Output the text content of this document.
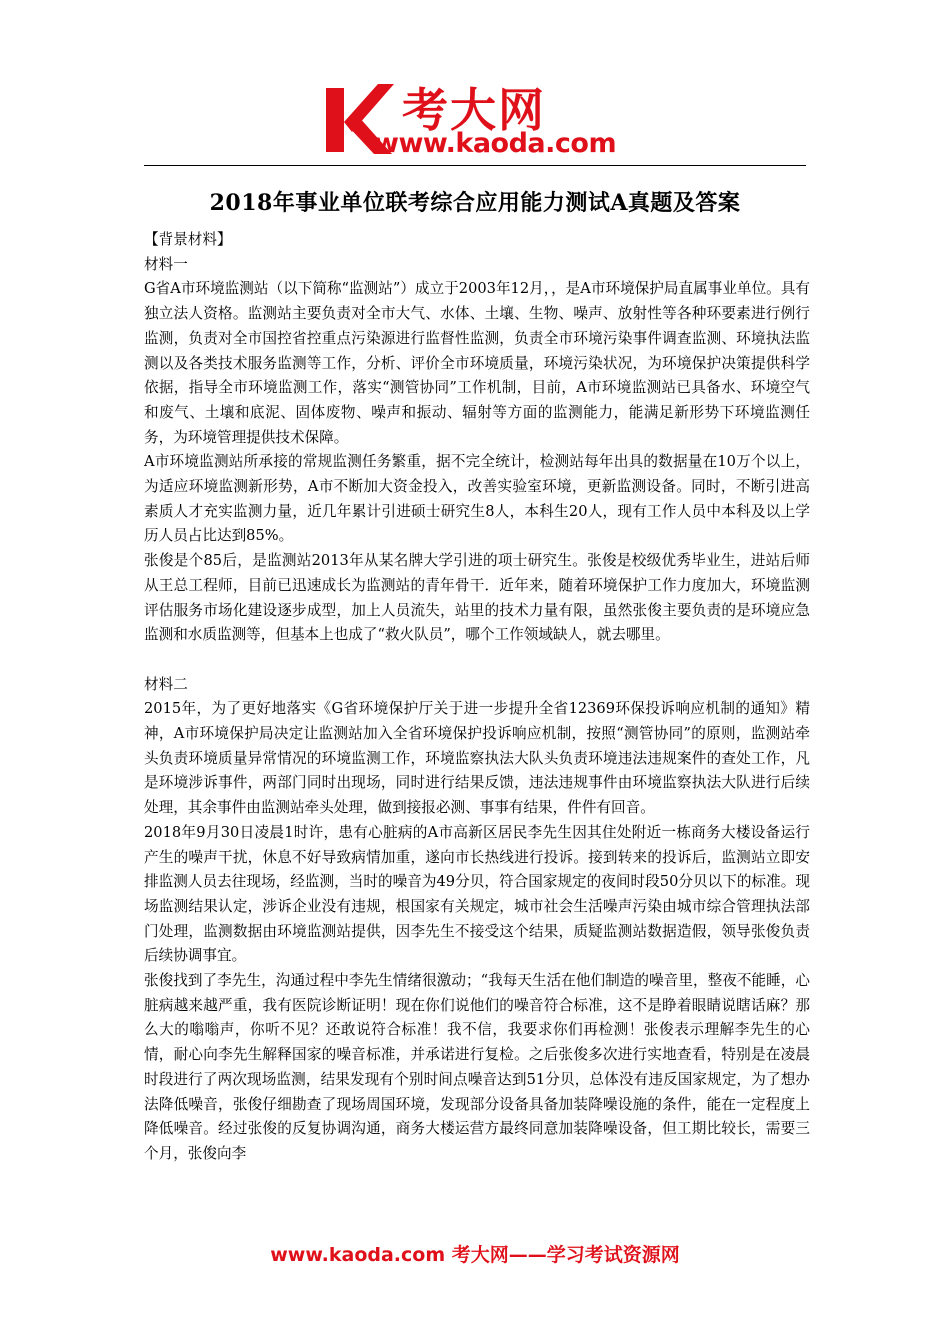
考大网
www.kaoda.com
2018年事业单位联考综合应用能力测试A真题及答案

【背景材料】

材料一

G省A市环境监测站（以下简称“监测站”）成立于2003年12月，，是A市环境保护局直属事业单位。具有独立法人资格。监测站主要负责对全市大气、水体、土壤、生物、噪声、放射性等各种环要素进行例行监测，负责对全市国控省控重点污染源进行监督性监测，负责全市环境污染事件调查监测、环境执法监测以及各类技术服务监测等工作，分析、评价全市环境质量，环境污染状况，为环境保护决策提供科学依据，指导全市环境监测工作，落实“测管协同”工作机制，目前，A市环境监测站已具备水、环境空气和废气、土壤和底泥、固体废物、噪声和振动、辐射等方面的监测能力，能满足新形势下环境监测任务，为环境管理提供技术保障。

A市环境监测站所承接的常规监测任务繁重，据不完全统计，检测站每年出具的数据量在10万个以上，为适应环境监测新形势，A市不断加大资金投入，改善实验室环境，更新监测设备。同时，不断引进高素质人才充实监测力量，近几年累计引进硕士研究生8人，本科生20人，现有工作人员中本科及以上学历人员占比达到85%。

张俊是个85后，是监测站2013年从某名牌大学引进的项士研究生。张俊是校级优秀毕业生，进站后师从王总工程师，目前已迅速成长为监测站的青年骨干．近年来，随着环境保护工作力度加大，环境监测评估服务市场化建设逐步成型，加上人员流失，站里的技术力量有限，虽然张俊主要负责的是环境应急监测和水质监测等，但基本上也成了“救火队员”，哪个工作领域缺人，就去哪里。

材料二

2015年，为了更好地落实《G省环境保护厅关于进一步提升全省12369环保投诉响应机制的通知》精神，A市环境保护局决定让监测站加入全省环境保护投诉响应机制，按照“测管协同”的原则，监测站牵头负责环境质量异常情况的环境监测工作，环境监察执法大队头负责环境违法违规案件的查处工作，凡是环境涉诉事件，两部门同时出现场，同时进行结果反馈，违法违规事件由环境监察执法大队进行后续处理，其余事件由监测站牵头处理，做到接报必测、事事有结果，件件有回音。

2018年9月30日凌晨1时许，患有心脏病的A市高新区居民李先生因其住处附近一栋商务大楼设备运行产生的噪声干扰，休息不好导致病情加重，遂向市长热线进行投诉。接到转来的投诉后，监测站立即安排监测人员去往现场，经监测，当时的噪音为49分贝，符合国家规定的夜间时段50分贝以下的标准。现场监测结果认定，涉诉企业没有违规，根国家有关规定，城市社会生活噪声污染由城市综合管理执法部门处理，监测数据由环境监测站提供，因李先生不接受这个结果，质疑监测站数据造假，领导张俊负责后续协调事宜。

张俊找到了李先生，沟通过程中李先生情绪很激动；“我每天生活在他们制造的噪音里，整夜不能睡，心脏病越来越严重，我有医院诊断证明！现在你们说他们的噪音符合标准，这不是睁着眼睛说瞎话麻？那么大的嗡嗡声，你听不见？还敢说符合标准！我不信，我要求你们再检测！张俊表示理解李先生的心情，耐心向李先生解释国家的噪音标准，并承诺进行复检。之后张俊多次进行实地查看，特别是在凌晨时段进行了两次现场监测，结果发现有个别时间点噪音达到51分贝，总体没有违反国家规定，为了想办法降低噪音，张俊仔细勘查了现场周国环境，发现部分设备具备加装降噪设施的条件，能在一定程度上降低噪音。经过张俊的反复协调沟通，商务大楼运营方最终同意加装降噪设备，但工期比较长，需要三个月，张俊向李

www.kaoda.com 考大网——学习考试资源网
